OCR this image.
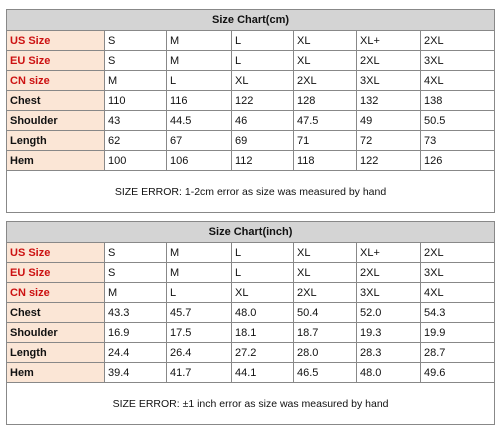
Size Chart(cm)						
US Size	S	M	L	XL	XL+	2XL
EU Size	S	M	L	XL	2XL	3XL
CN size	M	L	XL	2XL	3XL	4XL
Chest	110	116	122	128	132	138
Shoulder	43	44.5	46	47.5	49	50.5
Length	62	67	69	71	72	73
Hem	100	106	112	118	122	126
SIZE ERROR: 1-2cm error as size was measured by hand						
Size Chart(inch)						
US Size	S	M	L	XL	XL+	2XL
EU Size	S	M	L	XL	2XL	3XL
CN size	M	L	XL	2XL	3XL	4XL
Chest	43.3	45.7	48.0	50.4	52.0	54.3
Shoulder	16.9	17.5	18.1	18.7	19.3	19.9
Length	24.4	26.4	27.2	28.0	28.3	28.7
Hem	39.4	41.7	44.1	46.5	48.0	49.6
SIZE ERROR: ±1 inch error as size was measured by hand						
